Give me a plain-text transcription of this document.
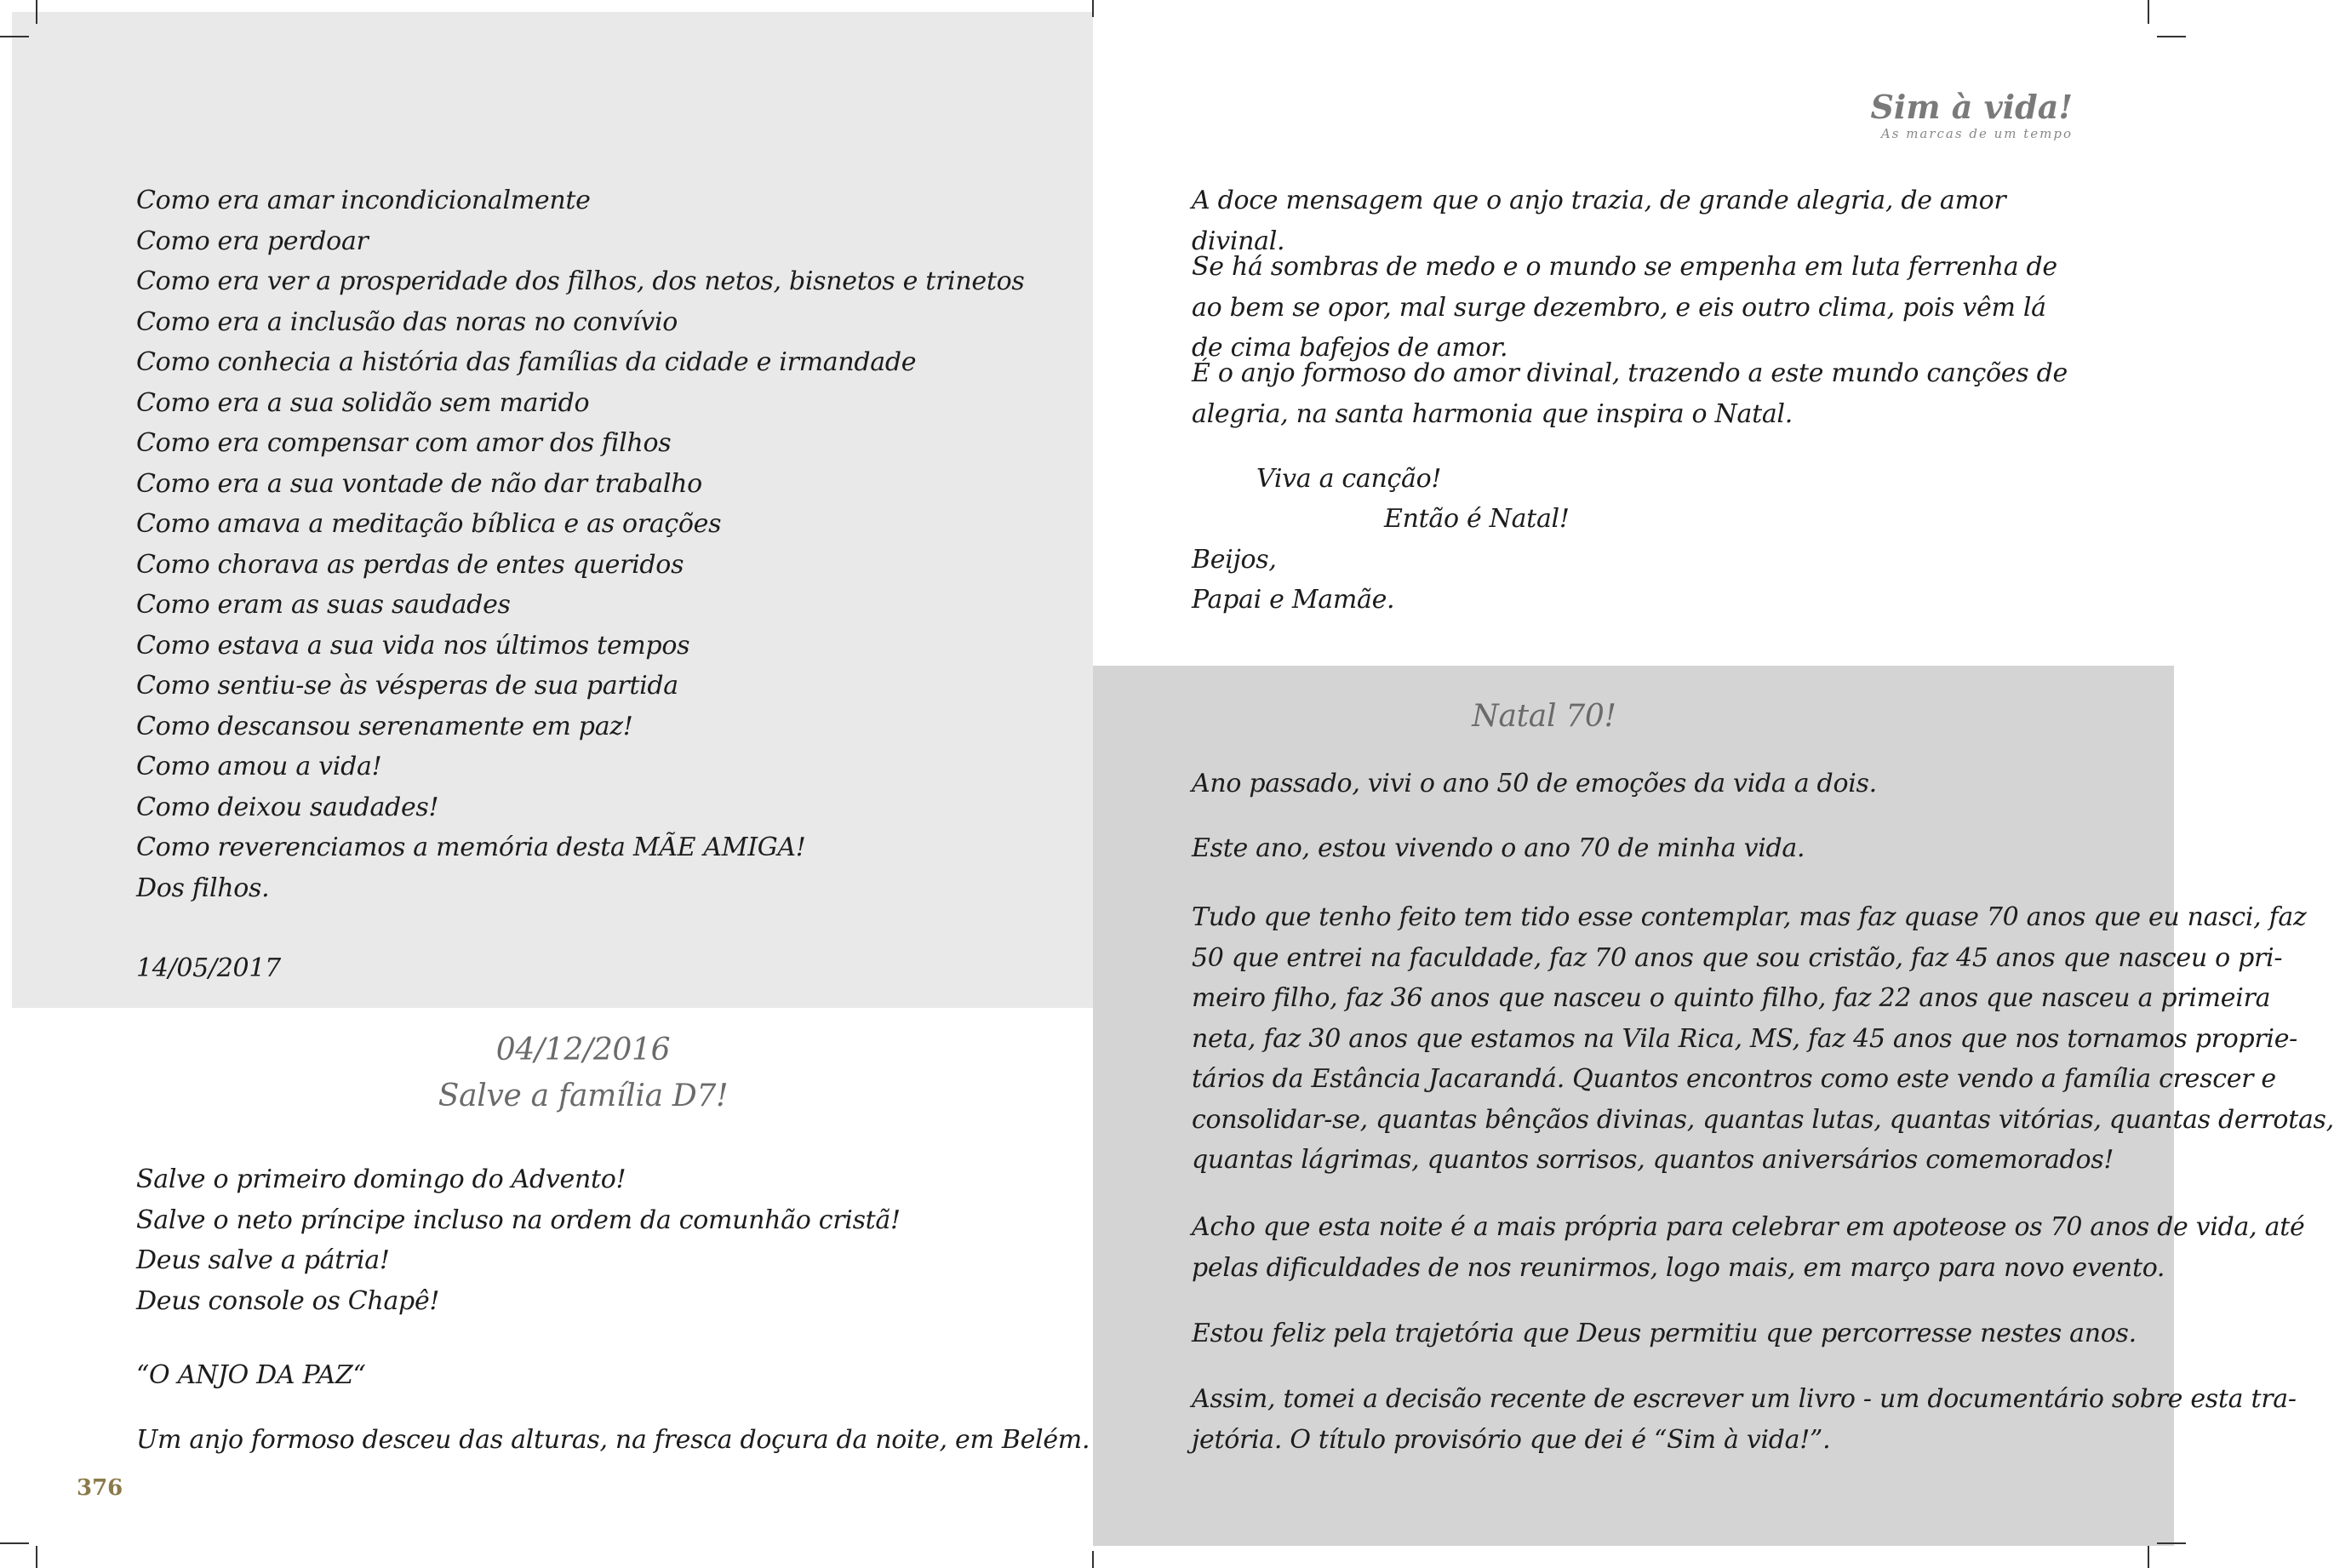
Como era amar incondicionalmente
Como era perdoar
Como era ver a prosperidade dos filhos, dos netos, bisnetos e trinetos
Como era a inclusão das noras no convívio
Como conhecia a história das famílias da cidade e irmandade
Como era a sua solidão sem marido
Como era compensar com amor dos filhos
Como era a sua vontade de não dar trabalho
Como amava a meditação bíblica e as orações
Como chorava as perdas de entes queridos
Como eram as suas saudades
Como estava a sua vida nos últimos tempos
Como sentiu-se às vésperas de sua partida
Como descansou serenamente em paz!
Como amou a vida!
Como deixou saudades!
Como reverenciamos a memória desta MÃE AMIGA!
Dos filhos.

14/05/2017

04/12/2016
Salve a família D7!
Salve o primeiro domingo do Advento!
Salve o neto príncipe incluso na ordem da comunhão cristã!
Deus salve a pátria!
Deus console os Chapê!

“O ANJO DA PAZ“

Um anjo formoso desceu das alturas, na fresca doçura da noite, em Belém.

376
Sim à vida!
As marcas de um tempo

A doce mensagem que o anjo trazia, de grande alegria, de amor divinal.

Se há sombras de medo e o mundo se empenha em luta ferrenha de ao bem se opor, mal surge dezembro, e eis outro clima, pois vêm lá de cima bafejos de amor.

É o anjo formoso do amor divinal, trazendo a este mundo canções de alegria, na santa harmonia que inspira o Natal.

Viva a canção!

Então é Natal!

Beijos,

Papai e Mamãe.

Natal 70!

Ano passado, vivi o ano 50 de emoções da vida a dois.

Este ano, estou vivendo o ano 70 de minha vida.

Tudo que tenho feito tem tido esse contemplar, mas faz quase 70 anos que eu nasci, faz
50 que entrei na faculdade, faz 70 anos que sou cristão, faz 45 anos que nasceu o pri-
meiro filho, faz 36 anos que nasceu o quinto filho, faz 22 anos que nasceu a primeira
neta, faz 30 anos que estamos na Vila Rica, MS, faz 45 anos que nos tornamos proprie-
tários da Estância Jacarandá. Quantos encontros como este vendo a família crescer e
consolidar-se, quantas bênçãos divinas, quantas lutas, quantas vitórias, quantas derrotas,
quantas lágrimas, quantos sorrisos, quantos aniversários comemorados!
Acho que esta noite é a mais própria para celebrar em apoteose os 70 anos de vida, até
pelas dificuldades de nos reunirmos, logo mais, em março para novo evento.

Estou feliz pela trajetória que Deus permitiu que percorresse nestes anos.

Assim, tomei a decisão recente de escrever um livro - um documentário sobre esta tra-
jetória. O título provisório que dei é “Sim à vida!”.
